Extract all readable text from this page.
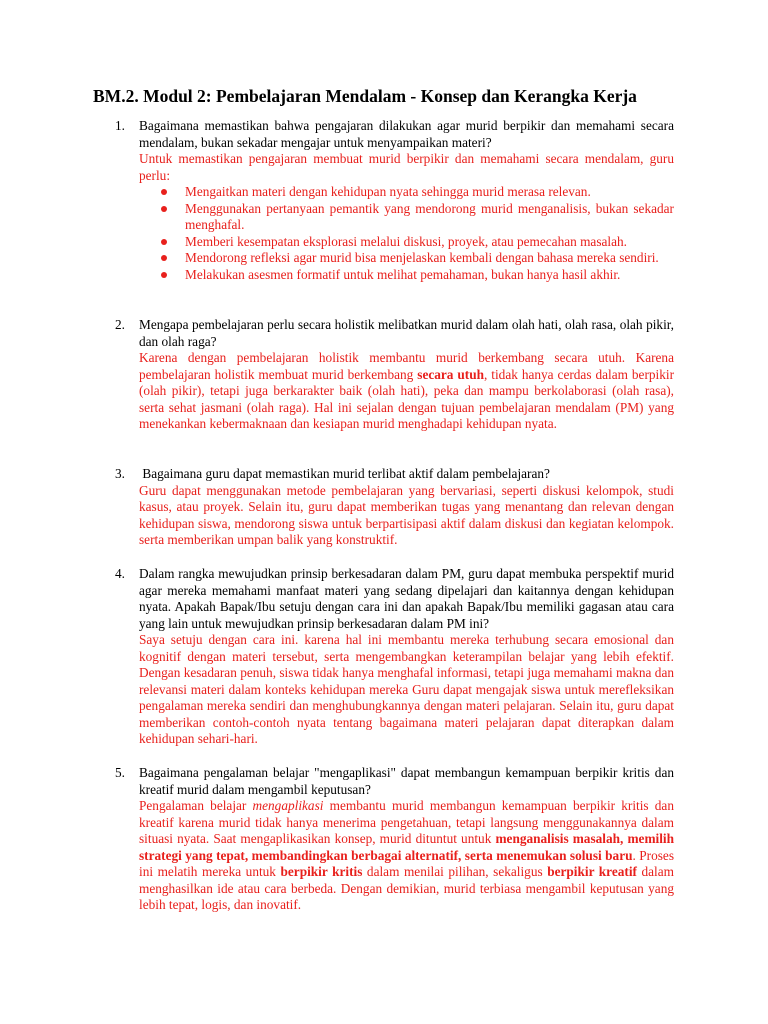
BM.2. Modul 2: Pembelajaran Mendalam - Konsep dan Kerangka Kerja
1. Bagaimana memastikan bahwa pengajaran dilakukan agar murid berpikir dan memahami secara mendalam, bukan sekadar mengajar untuk menyampaikan materi?
Untuk memastikan pengajaran membuat murid berpikir dan memahami secara mendalam, guru perlu:
Mengaitkan materi dengan kehidupan nyata sehingga murid merasa relevan.
Menggunakan pertanyaan pemantik yang mendorong murid menganalisis, bukan sekadar menghafal.
Memberi kesempatan eksplorasi melalui diskusi, proyek, atau pemecahan masalah.
Mendorong refleksi agar murid bisa menjelaskan kembali dengan bahasa mereka sendiri.
Melakukan asesmen formatif untuk melihat pemahaman, bukan hanya hasil akhir.
2. Mengapa pembelajaran perlu secara holistik melibatkan murid dalam olah hati, olah rasa, olah pikir, dan olah raga?
Karena dengan pembelajaran holistik membantu murid berkembang secara utuh. Karena pembelajaran holistik membuat murid berkembang secara utuh, tidak hanya cerdas dalam berpikir (olah pikir), tetapi juga berkarakter baik (olah hati), peka dan mampu berkolaborasi (olah rasa), serta sehat jasmani (olah raga). Hal ini sejalan dengan tujuan pembelajaran mendalam (PM) yang menekankan kebermaknaan dan kesiapan murid menghadapi kehidupan nyata.
3. Bagaimana guru dapat memastikan murid terlibat aktif dalam pembelajaran?
Guru dapat menggunakan metode pembelajaran yang bervariasi, seperti diskusi kelompok, studi kasus, atau proyek. Selain itu, guru dapat memberikan tugas yang menantang dan relevan dengan kehidupan siswa, mendorong siswa untuk berpartisipasi aktif dalam diskusi dan kegiatan kelompok. serta memberikan umpan balik yang konstruktif.
4. Dalam rangka mewujudkan prinsip berkesadaran dalam PM, guru dapat membuka perspektif murid agar mereka memahami manfaat materi yang sedang dipelajari dan kaitannya dengan kehidupan nyata. Apakah Bapak/Ibu setuju dengan cara ini dan apakah Bapak/Ibu memiliki gagasan atau cara yang lain untuk mewujudkan prinsip berkesadaran dalam PM ini?
Saya setuju dengan cara ini. karena hal ini membantu mereka terhubung secara emosional dan kognitif dengan materi tersebut, serta mengembangkan keterampilan belajar yang lebih efektif. Dengan kesadaran penuh, siswa tidak hanya menghafal informasi, tetapi juga memahami makna dan relevansi materi dalam konteks kehidupan mereka Guru dapat mengajak siswa untuk merefleksikan pengalaman mereka sendiri dan menghubungkannya dengan materi pelajaran. Selain itu, guru dapat memberikan contoh-contoh nyata tentang bagaimana materi pelajaran dapat diterapkan dalam kehidupan sehari-hari.
5. Bagaimana pengalaman belajar "mengaplikasi" dapat membangun kemampuan berpikir kritis dan kreatif murid dalam mengambil keputusan?
Pengalaman belajar mengaplikasi membantu murid membangun kemampuan berpikir kritis dan kreatif karena murid tidak hanya menerima pengetahuan, tetapi langsung menggunakannya dalam situasi nyata. Saat mengaplikasikan konsep, murid dituntut untuk menganalisis masalah, memilih strategi yang tepat, membandingkan berbagai alternatif, serta menemukan solusi baru. Proses ini melatih mereka untuk berpikir kritis dalam menilai pilihan, sekaligus berpikir kreatif dalam menghasilkan ide atau cara berbeda. Dengan demikian, murid terbiasa mengambil keputusan yang lebih tepat, logis, dan inovatif.
